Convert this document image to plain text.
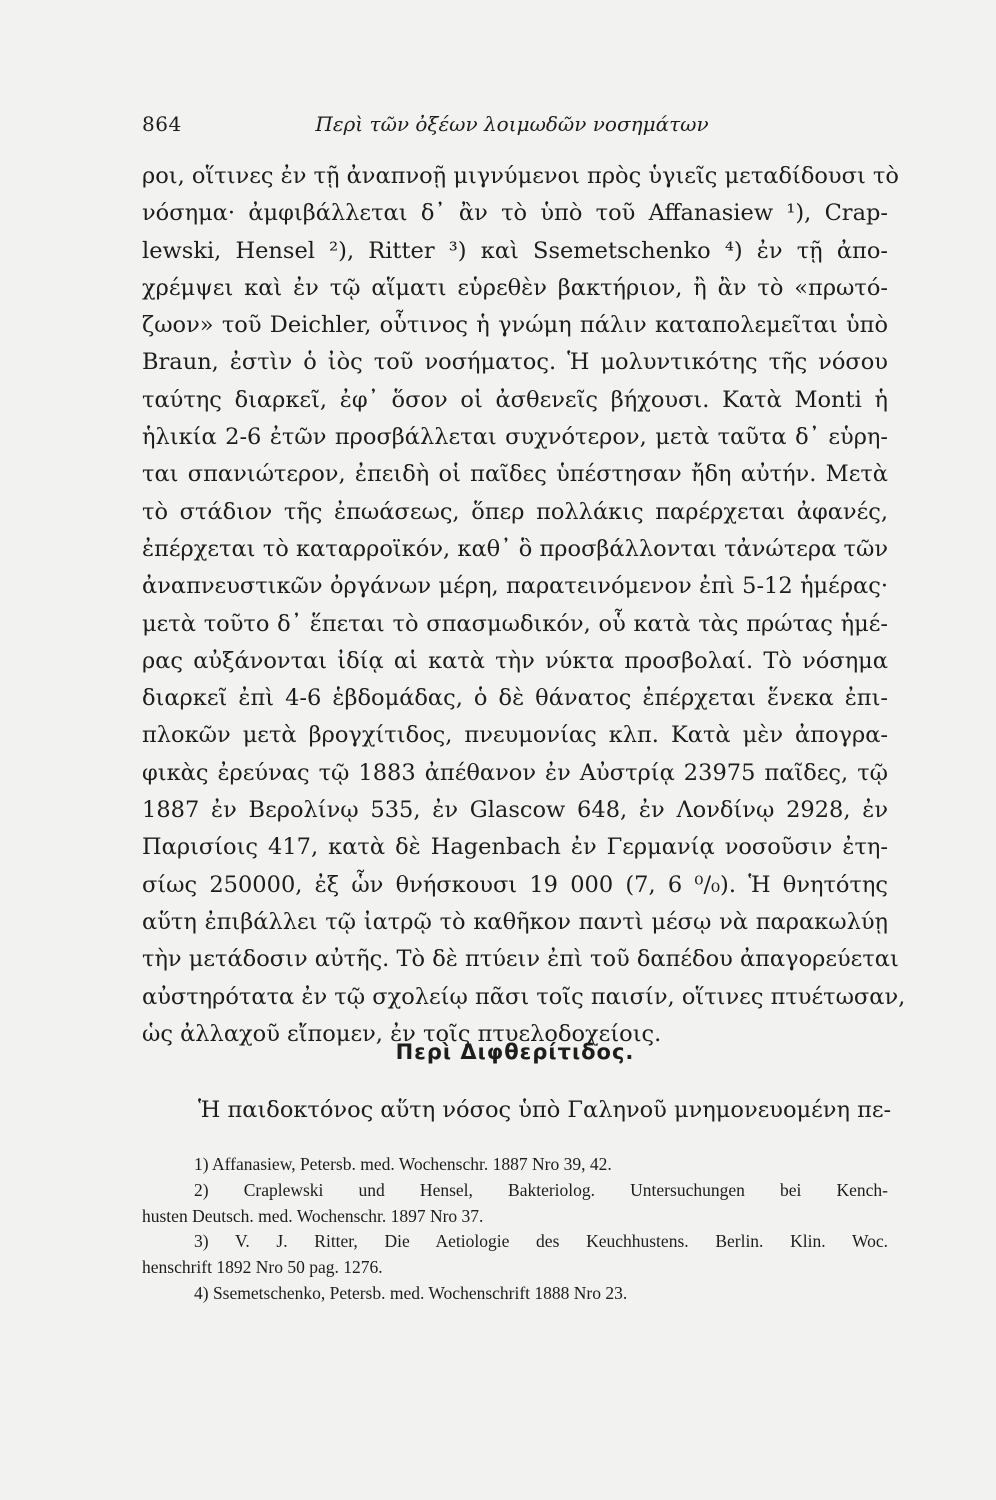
864	Περὶ τῶν ὀξέων λοιμωδῶν νοσημάτων
ροι, οἵτινες ἐν τῇ ἀναπνοῇ μιγνύμενοι πρὸς ὑγιεῖς μεταδίδουσι τὸ
νόσημα· ἀμφιβάλλεται δ᾽ ἂν τὸ ὑπὸ τοῦ Affanasiew ¹), Crap-
lewski, Hensel ²), Ritter ³) καὶ Ssemetschenko ⁴) ἐν τῇ ἀπο-
χρέμψει καὶ ἐν τῷ αἵματι εὑρεθὲν βακτήριον, ἢ ἂν τὸ «πρωτό-
ζωον» τοῦ Deichler, οὗτινος ἡ γνώμη πάλιν καταπολεμεῖται ὑπὸ
Braun, ἐστὶν ὁ ἰὸς τοῦ νοσήματος. Ἡ μολυντικότης τῆς νόσου
ταύτης διαρκεῖ, ἐφ᾽ ὅσον οἱ ἀσθενεῖς βήχουσι. Κατὰ Monti ἡ
ἡλικία 2-6 ἐτῶν προσβάλλεται συχνότερον, μετὰ ταῦτα δ᾽ εὑρη-
ται σπανιώτερον, ἐπειδὴ οἱ παῖδες ὑπέστησαν ἤδη αὐτήν. Μετὰ
τὸ στάδιον τῆς ἐπωάσεως, ὅπερ πολλάκις παρέρχεται ἀφανές,
ἐπέρχεται τὸ καταρροϊκόν, καθ᾽ ὃ προσβάλλονται τἀνώτερα τῶν
ἀναπνευστικῶν ὀργάνων μέρη, παρατεινόμενον ἐπὶ 5-12 ἡμέρας·
μετὰ τοῦτο δ᾽ ἕπεται τὸ σπασμωδικόν, οὗ κατὰ τὰς πρώτας ἡμέ-
ρας αὐξάνονται ἰδίᾳ αἱ κατὰ τὴν νύκτα προσβολαί. Τὸ νόσημα
διαρκεῖ ἐπὶ 4-6 ἑβδομάδας, ὁ δὲ θάνατος ἐπέρχεται ἕνεκα ἐπι-
πλοκῶν μετὰ βρογχίτιδος, πνευμονίας κλπ. Κατὰ μὲν ἀπογρα-
φικὰς ἐρεύνας τῷ 1883 ἀπέθανον ἐν Αὐστρίᾳ 23975 παῖδες, τῷ
1887 ἐν Βερολίνῳ 535, ἐν Glascow 648, ἐν Λονδίνῳ 2928, ἐν
Παρισίοις 417, κατὰ δὲ Hagenbach ἐν Γερμανίᾳ νοσοῦσιν ἐτη-
σίως 250000, ἐξ ὧν θνήσκουσι 19 000 (7, 6 ⁰/₀). Ἡ θνητότης
αὕτη ἐπιβάλλει τῷ ἰατρῷ τὸ καθῆκον παντὶ μέσῳ νὰ παρακωλύῃ
τὴν μετάδοσιν αὐτῆς. Τὸ δὲ πτύειν ἐπὶ τοῦ δαπέδου ἀπαγορεύεται
αὐστηρότατα ἐν τῷ σχολείῳ πᾶσι τοῖς παισίν, οἵτινες πτυέτωσαν,
ὡς ἀλλαχοῦ εἴπομεν, ἐν τοῖς πτυελοδοχείοις.
Περὶ Διφθερίτιδος.
Ἡ παιδοκτόνος αὕτη νόσος ὑπὸ Γαληνοῦ μνημονευομένη πε-
1) Affanasiew, Petersb. med. Wochenschr. 1887 Nro 39, 42.
2) Craplewski und Hensel, Bakteriolog. Untersuchungen bei Kench-
husten Deutsch. med. Wochenschr. 1897 Nro 37.
3) V. J. Ritter, Die Aetiologie des Keuchhustens. Berlin. Klin. Woc.
henschrift 1892 Nro 50 pag. 1276.
4) Ssemetschenko, Petersb. med. Wochenschrift 1888 Nro 23.
